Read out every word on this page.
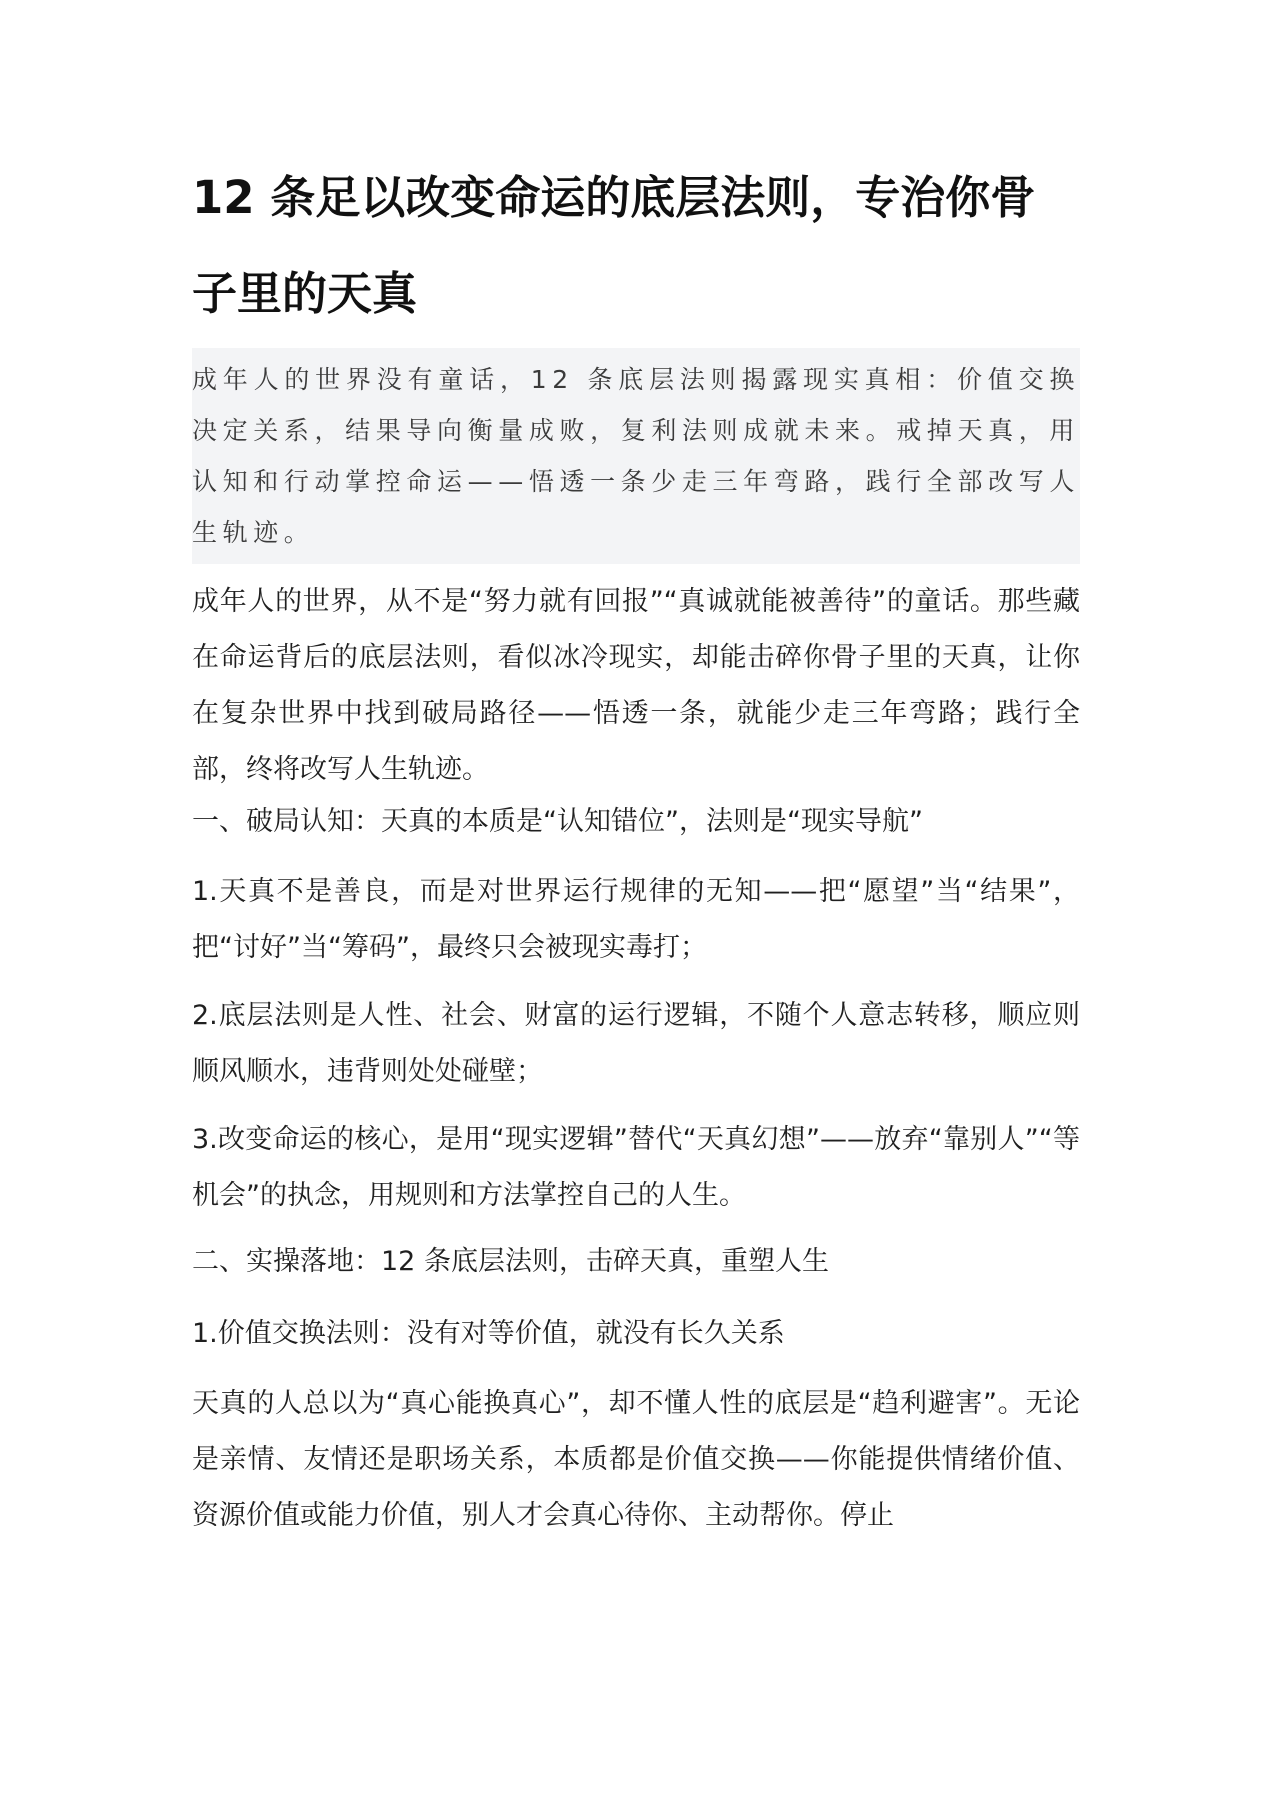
12 条足以改变命运的底层法则，专治你骨子里的天真

成年人的世界没有童话，12 条底层法则揭露现实真相：价值交换决定关系，结果导向衡量成败，复利法则成就未来。戒掉天真，用认知和行动掌控命运——悟透一条少走三年弯路，践行全部改写人生轨迹。

成年人的世界，从不是“努力就有回报”“真诚就能被善待”的童话。那些藏在命运背后的底层法则，看似冰冷现实，却能击碎你骨子里的天真，让你在复杂世界中找到破局路径——悟透一条，就能少走三年弯路；践行全部，终将改写人生轨迹。

一、破局认知：天真的本质是“认知错位”，法则是“现实导航”

1.天真不是善良，而是对世界运行规律的无知——把“愿望”当“结果”，把“讨好”当“筹码”，最终只会被现实毒打；

2.底层法则是人性、社会、财富的运行逻辑，不随个人意志转移，顺应则顺风顺水，违背则处处碰壁；

3.改变命运的核心，是用“现实逻辑”替代“天真幻想”——放弃“靠别人”“等机会”的执念，用规则和方法掌控自己的人生。

二、实操落地：12 条底层法则，击碎天真，重塑人生

1.价值交换法则：没有对等价值，就没有长久关系

天真的人总以为“真心能换真心”，却不懂人性的底层是“趋利避害”。无论是亲情、友情还是职场关系，本质都是价值交换——你能提供情绪价值、资源价值或能力价值，别人才会真心待你、主动帮你。停止
